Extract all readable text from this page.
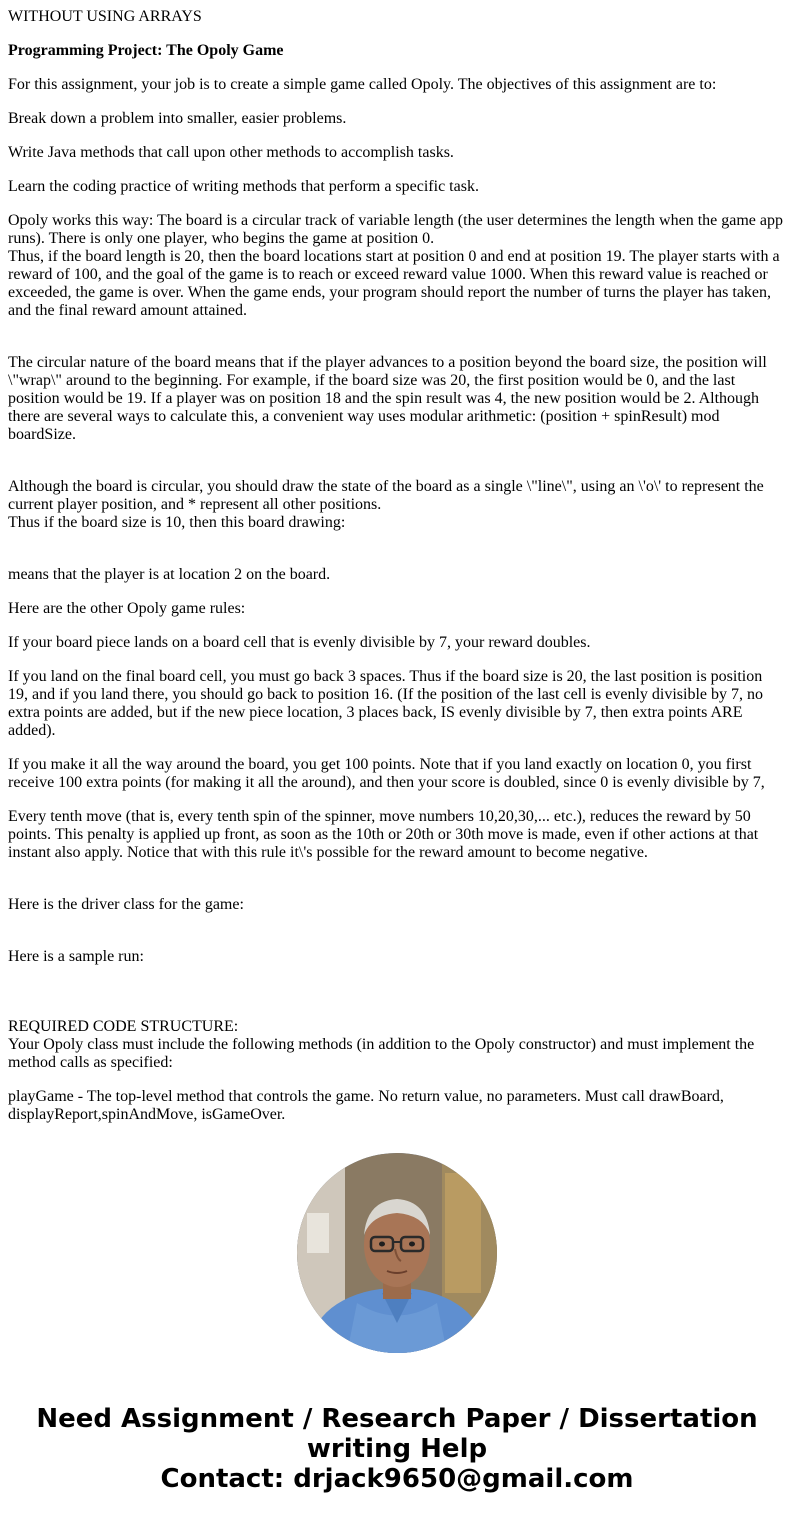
WITHOUT USING ARRAYS
Programming Project: The Opoly Game
For this assignment, your job is to create a simple game called Opoly. The objectives of this assignment are to:
Break down a problem into smaller, easier problems.
Write Java methods that call upon other methods to accomplish tasks.
Learn the coding practice of writing methods that perform a specific task.
Opoly works this way: The board is a circular track of variable length (the user determines the length when the game app runs). There is only one player, who begins the game at position 0.
Thus, if the board length is 20, then the board locations start at position 0 and end at position 19. The player starts with a reward of 100, and the goal of the game is to reach or exceed reward value 1000. When this reward value is reached or exceeded, the game is over. When the game ends, your program should report the number of turns the player has taken, and the final reward amount attained.
The circular nature of the board means that if the player advances to a position beyond the board size, the position will \"wrap\" around to the beginning. For example, if the board size was 20, the first position would be 0, and the last position would be 19. If a player was on position 18 and the spin result was 4, the new position would be 2. Although there are several ways to calculate this, a convenient way uses modular arithmetic: (position + spinResult) mod boardSize.
Although the board is circular, you should draw the state of the board as a single \"line\", using an \'o\' to represent the current player position, and * represent all other positions.
Thus if the board size is 10, then this board drawing:
means that the player is at location 2 on the board.
Here are the other Opoly game rules:
If your board piece lands on a board cell that is evenly divisible by 7, your reward doubles.
If you land on the final board cell, you must go back 3 spaces. Thus if the board size is 20, the last position is position 19, and if you land there, you should go back to position 16. (If the position of the last cell is evenly divisible by 7, no extra points are added, but if the new piece location, 3 places back, IS evenly divisible by 7, then extra points ARE added).
If you make it all the way around the board, you get 100 points. Note that if you land exactly on location 0, you first receive 100 extra points (for making it all the around), and then your score is doubled, since 0 is evenly divisible by 7,
Every tenth move (that is, every tenth spin of the spinner, move numbers 10,20,30,... etc.), reduces the reward by 50 points. This penalty is applied up front, as soon as the 10th or 20th or 30th move is made, even if other actions at that instant also apply. Notice that with this rule it\'s possible for the reward amount to become negative.
Here is the driver class for the game:
Here is a sample run:
REQUIRED CODE STRUCTURE:
Your Opoly class must include the following methods (in addition to the Opoly constructor) and must implement the method calls as specified:
playGame - The top-level method that controls the game. No return value, no parameters. Must call drawBoard, displayReport,spinAndMove, isGameOver.
Need Assignment / Research Paper / Dissertation
writing Help
Contact: drjack9650@gmail.com
